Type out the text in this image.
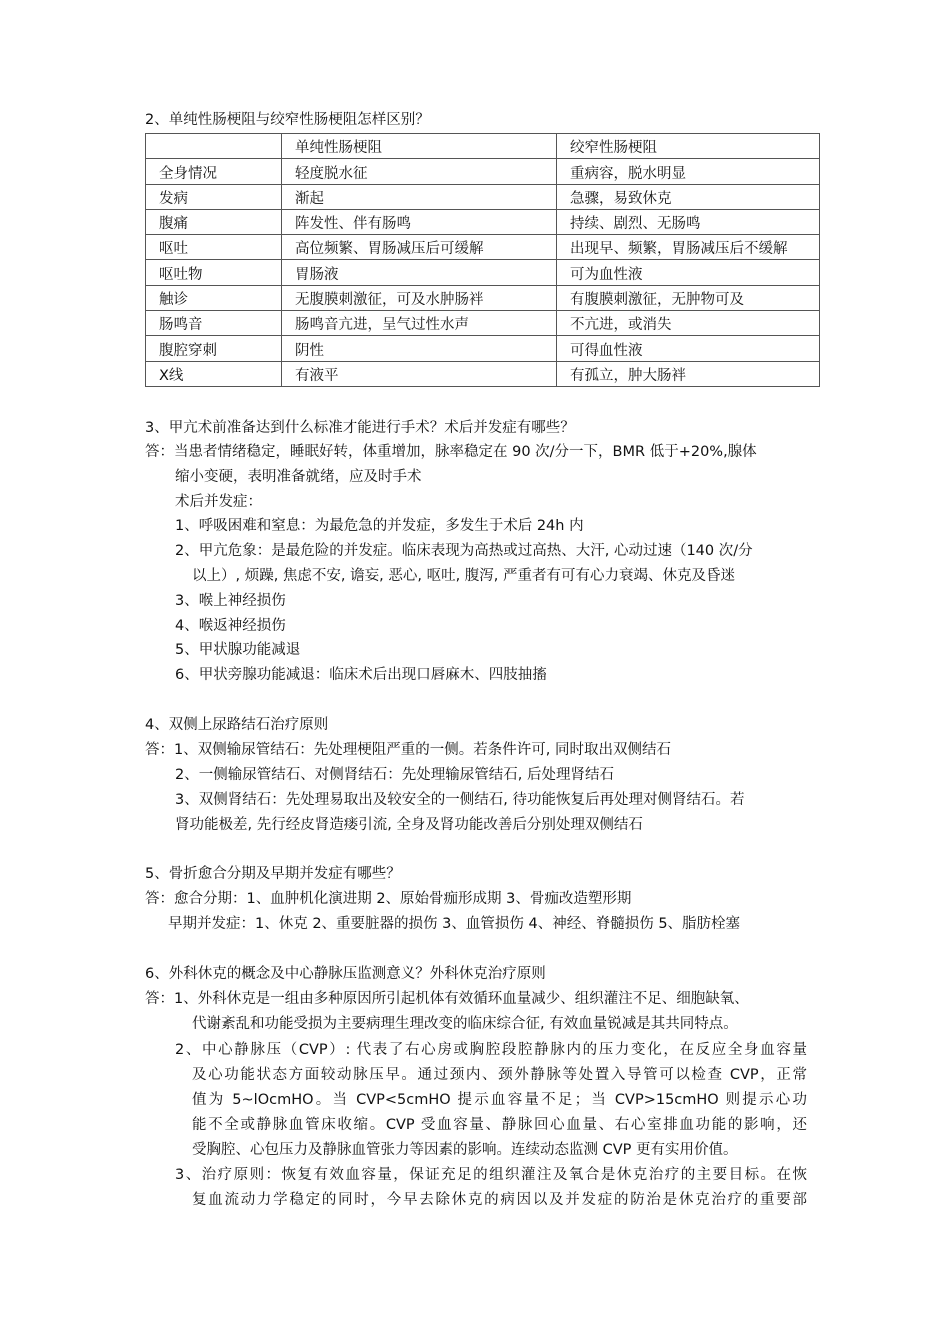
2、单纯性肠梗阻与绞窄性肠梗阻怎样区别？
	单纯性肠梗阻	绞窄性肠梗阻
全身情况	轻度脱水征	重病容，脱水明显
发病	渐起	急骤，易致休克
腹痛	阵发性、伴有肠鸣	持续、剧烈、无肠鸣
呕吐	高位频繁、胃肠减压后可缓解	出现早、频繁，胃肠减压后不缓解
呕吐物	胃肠液	可为血性液
触诊	无腹膜刺激征，可及水肿肠袢	有腹膜刺激征，无肿物可及
肠鸣音	肠鸣音亢进，呈气过性水声	不亢进，或消失
腹腔穿刺	阴性	可得血性液
X线	有液平	有孤立，肿大肠袢
3、甲亢术前准备达到什么标准才能进行手术？术后并发症有哪些？
答：当患者情绪稳定，睡眠好转，体重增加，脉率稳定在 90 次/分一下，BMR 低于+20%,腺体
缩小变硬，表明准备就绪，应及时手术
术后并发症：
1、呼吸困难和窒息：为最危急的并发症，多发生于术后 24h 内
2、甲亢危象：是最危险的并发症。临床表现为高热或过高热、大汗, 心动过速（140 次/分
以上）, 烦躁, 焦虑不安, 谵妄, 恶心, 呕吐, 腹泻, 严重者有可有心力衰竭、休克及昏迷
3、喉上神经损伤
4、喉返神经损伤
5、甲状腺功能减退
6、甲状旁腺功能减退：临床术后出现口唇麻木、四肢抽搐
4、双侧上尿路结石治疗原则
答：1、双侧输尿管结石：先处理梗阻严重的一侧。若条件许可, 同时取出双侧结石
2、一侧输尿管结石、对侧肾结石：先处理输尿管结石, 后处理肾结石
3、双侧肾结石：先处理易取出及较安全的一侧结石, 待功能恢复后再处理对侧肾结石。若
肾功能极差, 先行经皮肾造瘘引流, 全身及肾功能改善后分别处理双侧结石
5、骨折愈合分期及早期并发症有哪些？
答：愈合分期：1、血肿机化演进期 2、原始骨痂形成期 3、骨痂改造塑形期
早期并发症：1、休克 2、重要脏器的损伤 3、血管损伤 4、神经、脊髓损伤 5、脂肪栓塞
6、外科休克的概念及中心静脉压监测意义？外科休克治疗原则
答：1、外科休克是一组由多种原因所引起机体有效循环血量减少、组织灌注不足、细胞缺氧、
代谢紊乱和功能受损为主要病理生理改变的临床综合征, 有效血量锐减是其共同特点。
2、中心静脉压（CVP）: 代表了右心房或胸腔段腔静脉内的压力变化，在反应全身血容量
及心功能状态方面较动脉压早。通过颈内、颈外静脉等处置入导管可以检查 CVP，正常
值为 5~lOcmHO。当 CVP<5cmHO 提示血容量不足；当 CVP>15cmHO 则提示心功
能不全或静脉血管床收缩。CVP 受血容量、静脉回心血量、右心室排血功能的影响，还
受胸腔、心包压力及静脉血管张力等因素的影响。连续动态监测 CVP 更有实用价值。
3、治疗原则：恢复有效血容量，保证充足的组织灌注及氧合是休克治疗的主要目标。在恢
复血流动力学稳定的同时，今早去除休克的病因以及并发症的防治是休克治疗的重要部
